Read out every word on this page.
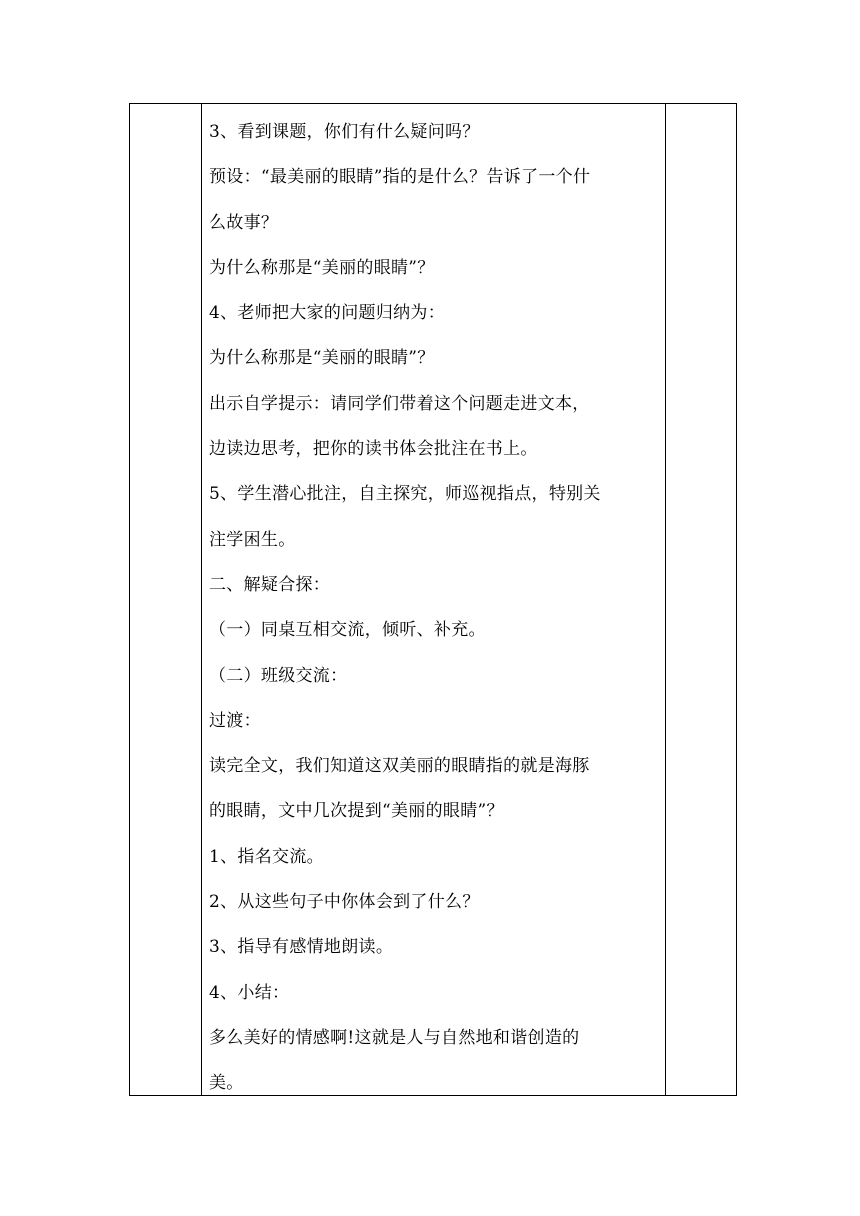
3、看到课题，你们有什么疑问吗？
预设：“最美丽的眼睛”指的是什么？告诉了一个什
么故事？
为什么称那是“美丽的眼睛”？
4、老师把大家的问题归纳为：
为什么称那是“美丽的眼睛”？
出示自学提示：请同学们带着这个问题走进文本，
边读边思考，把你的读书体会批注在书上。
5、学生潜心批注，自主探究，师巡视指点，特别关
注学困生。
二、解疑合探：
（一）同桌互相交流，倾听、补充。
（二）班级交流：
过渡：
读完全文，我们知道这双美丽的眼睛指的就是海豚
的眼睛，文中几次提到“美丽的眼睛”？
1、指名交流。
2、从这些句子中你体会到了什么？
3、指导有感情地朗读。
4、小结：
多么美好的情感啊!这就是人与自然地和谐创造的
美。
